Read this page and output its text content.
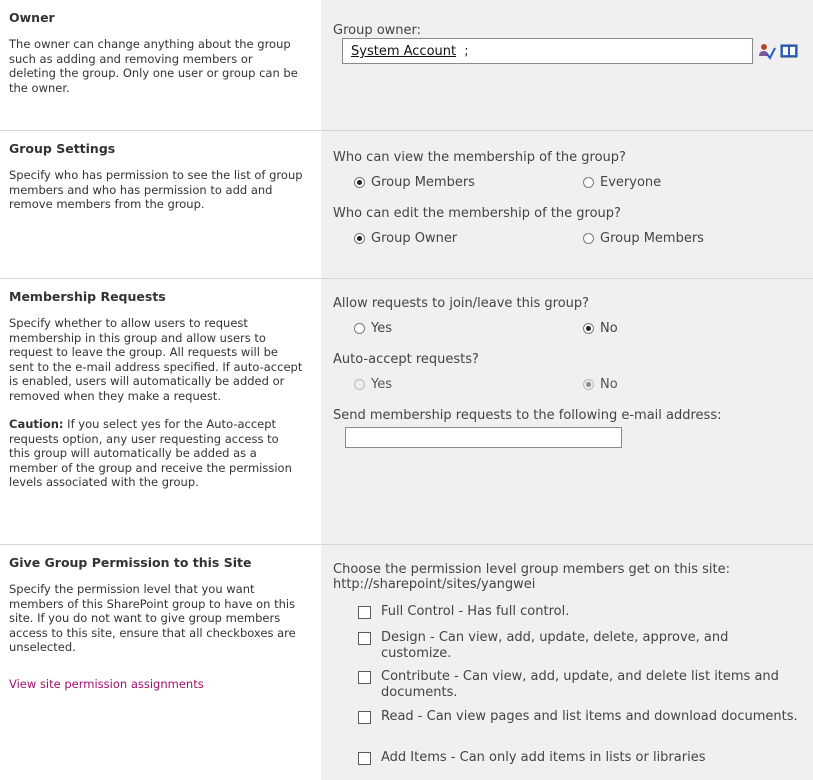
Owner
The owner can change anything about the group such as adding and removing members or deleting the group. Only one user or group can be the owner.
Group owner:
System Account ;
Group Settings
Specify who has permission to see the list of group members and who has permission to add and remove members from the group.
Who can view the membership of the group?
Group Members	Everyone
Who can edit the membership of the group?
Group Owner	Group Members
Membership Requests
Specify whether to allow users to request membership in this group and allow users to request to leave the group. All requests will be sent to the e-mail address specified. If auto-accept is enabled, users will automatically be added or removed when they make a request.
Caution: If you select yes for the Auto-accept requests option, any user requesting access to this group will automatically be added as a member of the group and receive the permission levels associated with the group.
Allow requests to join/leave this group?
Yes	No
Auto-accept requests?
Yes	No
Send membership requests to the following e-mail address:
Give Group Permission to this Site
Specify the permission level that you want members of this SharePoint group to have on this site. If you do not want to give group members access to this site, ensure that all checkboxes are unselected.
View site permission assignments
Choose the permission level group members get on this site:
http://sharepoint/sites/yangwei
Full Control - Has full control.
Design - Can view, add, update, delete, approve, and customize.
Contribute - Can view, add, update, and delete list items and documents.
Read - Can view pages and list items and download documents.
Add Items - Can only add items in lists or libraries
